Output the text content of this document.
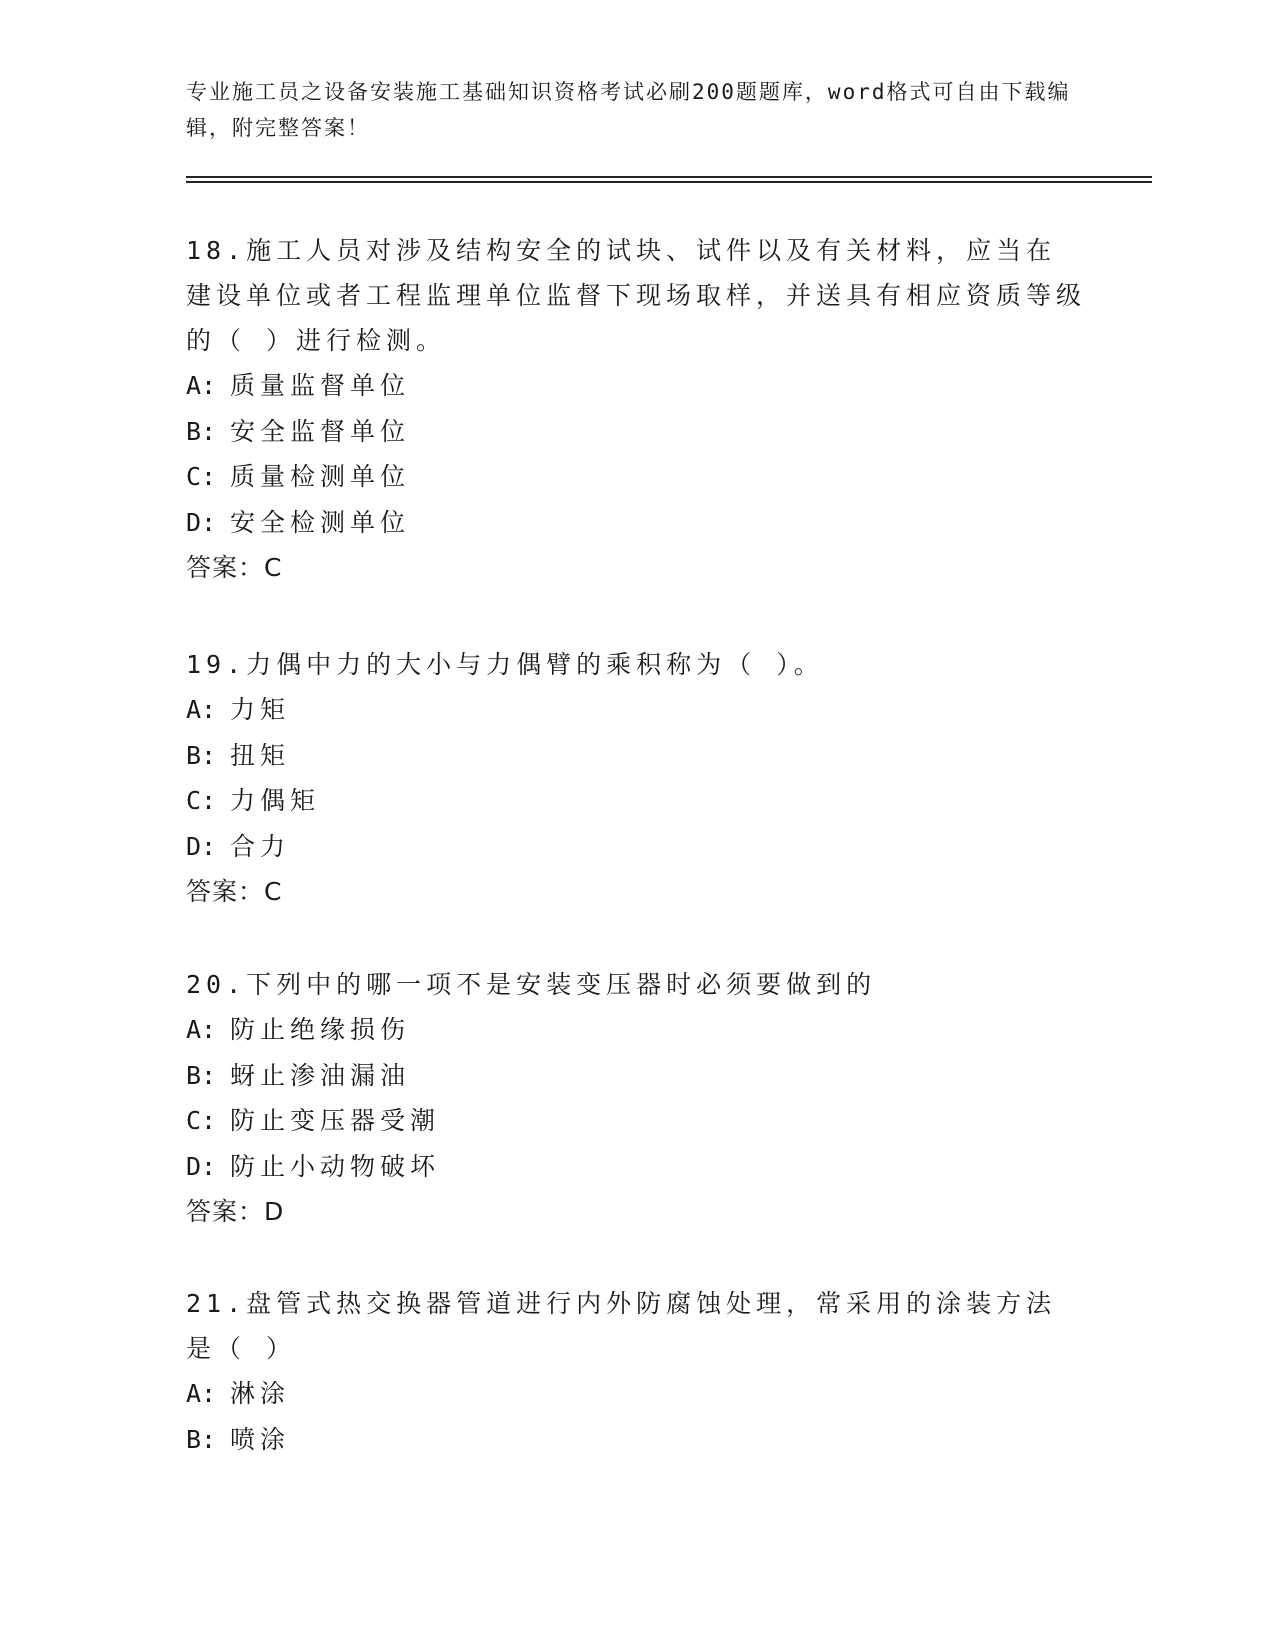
专业施工员之设备安装施工基础知识资格考试必刷200题题库，word格式可自由下载编辑，附完整答案！
18.施工人员对涉及结构安全的试块、试件以及有关材料，应当在建设单位或者工程监理单位监督下现场取样，并送具有相应资质等级的（ ）进行检测。
A: 质量监督单位
B: 安全监督单位
C: 质量检测单位
D: 安全检测单位
答案：C
19.力偶中力的大小与力偶臂的乘积称为（ ）。
A: 力矩
B: 扭矩
C: 力偶矩
D: 合力
答案：C
20.下列中的哪一项不是安装变压器时必须要做到的
A: 防止绝缘损伤
B: 蚜止渗油漏油
C: 防止变压器受潮
D: 防止小动物破坏
答案：D
21.盘管式热交换器管道进行内外防腐蚀处理，常采用的涂装方法是（ ）
A: 淋涂
B: 喷涂
